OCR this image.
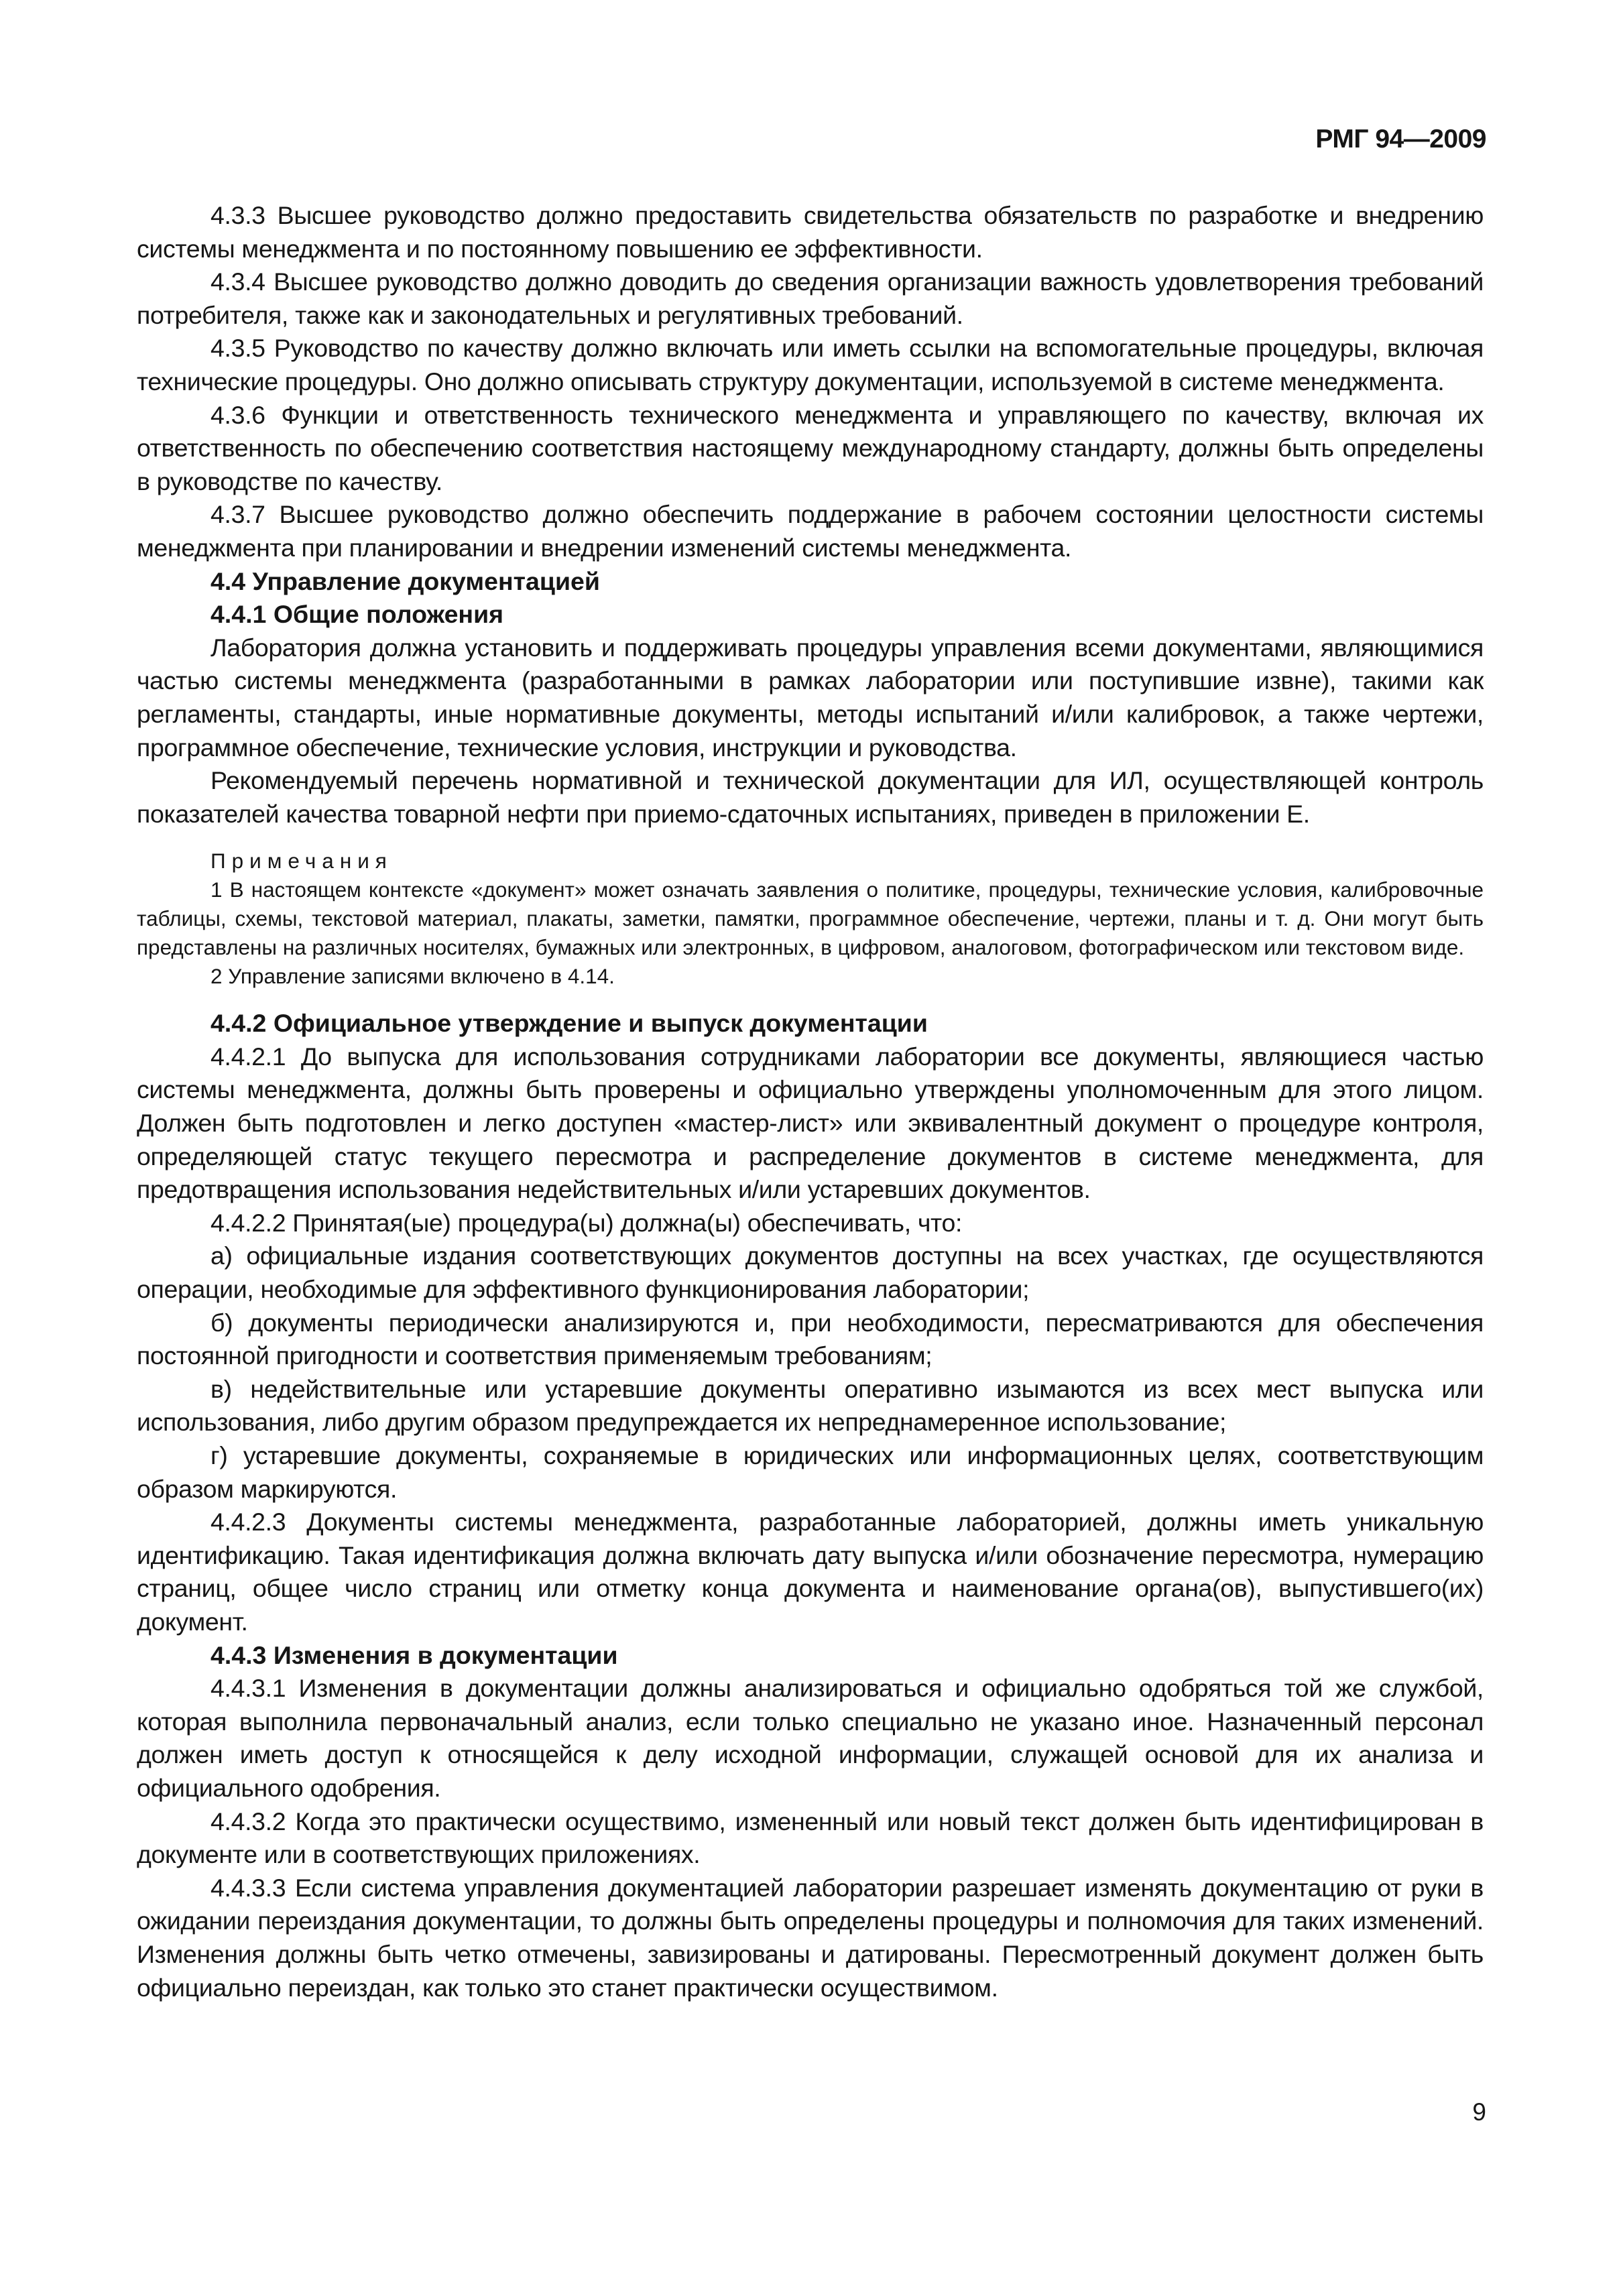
РМГ 94—2009

4.3.3 Высшее руководство должно предоставить свидетельства обязательств по разработке и внедрению системы менеджмента и по постоянному повышению ее эффективности.

4.3.4 Высшее руководство должно доводить до сведения организации важность удовлетворения требований потребителя, также как и законодательных и регулятивных требований.

4.3.5 Руководство по качеству должно включать или иметь ссылки на вспомогательные процедуры, включая технические процедуры. Оно должно описывать структуру документации, используемой в системе менеджмента.

4.3.6 Функции и ответственность технического менеджмента и управляющего по качеству, включая их ответственность по обеспечению соответствия настоящему международному стандарту, должны быть определены в руководстве по качеству.

4.3.7 Высшее руководство должно обеспечить поддержание в рабочем состоянии целостности системы менеджмента при планировании и внедрении изменений системы менеджмента.

4.4 Управление документацией

4.4.1 Общие положения

Лаборатория должна установить и поддерживать процедуры управления всеми документами, являющимися частью системы менеджмента (разработанными в рамках лаборатории или поступившие извне), такими как регламенты, стандарты, иные нормативные документы, методы испытаний и/или калибровок, а также чертежи, программное обеспечение, технические условия, инструкции и руководства.

Рекомендуемый перечень нормативной и технической документации для ИЛ, осуществляющей контроль показателей качества товарной нефти при приемо-сдаточных испытаниях, приведен в приложении Е.

Примечания

1 В настоящем контексте «документ» может означать заявления о политике, процедуры, технические условия, калибровочные таблицы, схемы, текстовой материал, плакаты, заметки, памятки, программное обеспечение, чертежи, планы и т. д. Они могут быть представлены на различных носителях, бумажных или электронных, в цифровом, аналоговом, фотографическом или текстовом виде.

2 Управление записями включено в 4.14.

4.4.2 Официальное утверждение и выпуск документации

4.4.2.1 До выпуска для использования сотрудниками лаборатории все документы, являющиеся частью системы менеджмента, должны быть проверены и официально утверждены уполномоченным для этого лицом. Должен быть подготовлен и легко доступен «мастер-лист» или эквивалентный документ о процедуре контроля, определяющей статус текущего пересмотра и распределение документов в системе менеджмента, для предотвращения использования недействительных и/или устаревших документов.

4.4.2.2 Принятая(ые) процедура(ы) должна(ы) обеспечивать, что:

а) официальные издания соответствующих документов доступны на всех участках, где осуществляются операции, необходимые для эффективного функционирования лаборатории;

б) документы периодически анализируются и, при необходимости, пересматриваются для обеспечения постоянной пригодности и соответствия применяемым требованиям;

в) недействительные или устаревшие документы оперативно изымаются из всех мест выпуска или использования, либо другим образом предупреждается их непреднамеренное использование;

г) устаревшие документы, сохраняемые в юридических или информационных целях, соответствующим образом маркируются.

4.4.2.3 Документы системы менеджмента, разработанные лабораторией, должны иметь уникальную идентификацию. Такая идентификация должна включать дату выпуска и/или обозначение пересмотра, нумерацию страниц, общее число страниц или отметку конца документа и наименование органа(ов), выпустившего(их) документ.

4.4.3 Изменения в документации

4.4.3.1 Изменения в документации должны анализироваться и официально одобряться той же службой, которая выполнила первоначальный анализ, если только специально не указано иное. Назначенный персонал должен иметь доступ к относящейся к делу исходной информации, служащей основой для их анализа и официального одобрения.

4.4.3.2 Когда это практически осуществимо, измененный или новый текст должен быть идентифицирован в документе или в соответствующих приложениях.

4.4.3.3 Если система управления документацией лаборатории разрешает изменять документацию от руки в ожидании переиздания документации, то должны быть определены процедуры и полномочия для таких изменений. Изменения должны быть четко отмечены, завизированы и датированы. Пересмотренный документ должен быть официально переиздан, как только это станет практически осуществимом.

9
